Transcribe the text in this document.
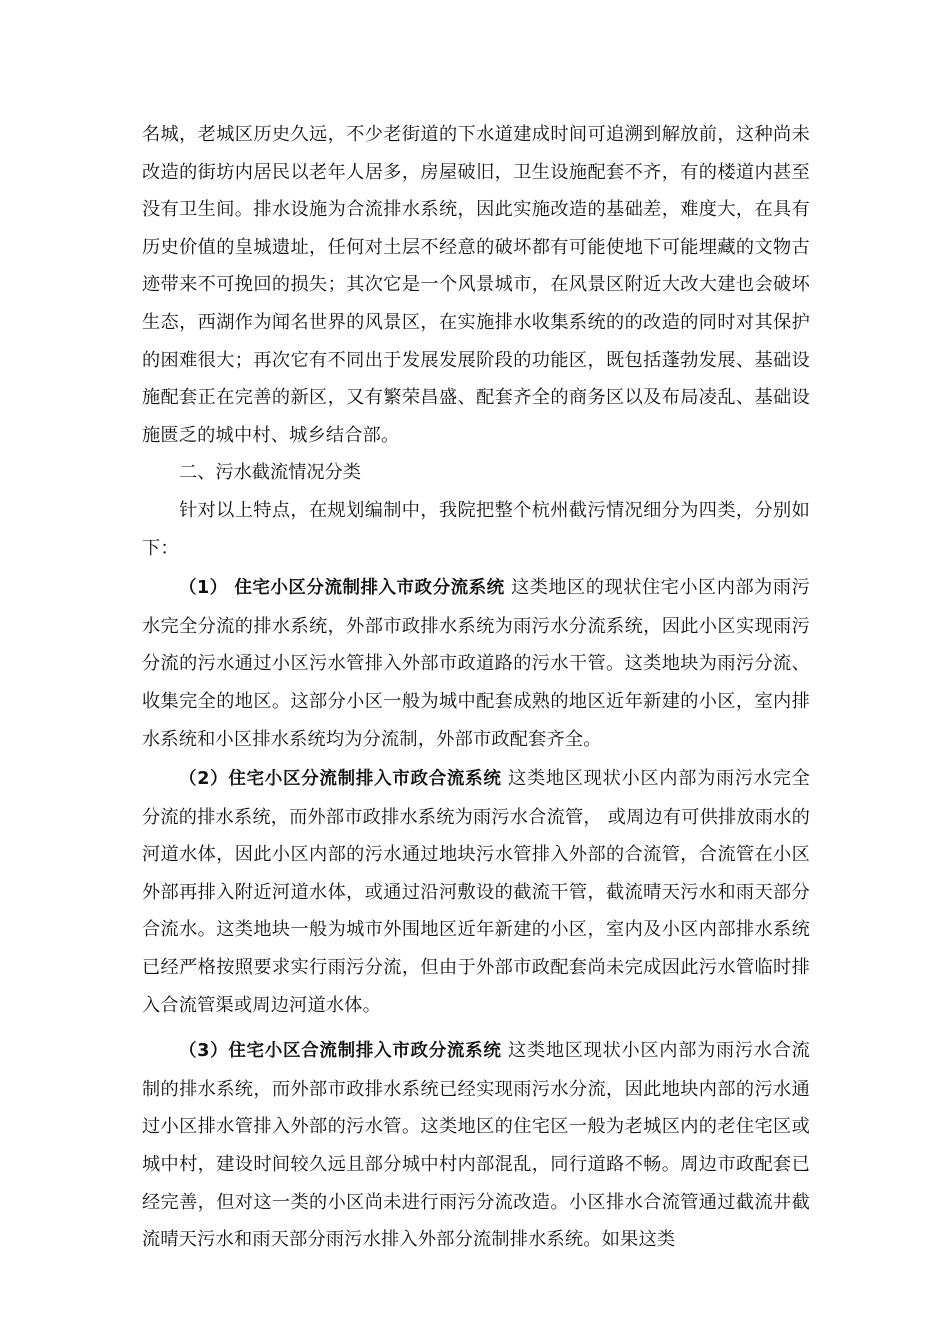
名城，老城区历史久远，不少老街道的下水道建成时间可追溯到解放前，这种尚未改造的街坊内居民以老年人居多，房屋破旧，卫生设施配套不齐，有的楼道内甚至没有卫生间。排水设施为合流排水系统，因此实施改造的基础差，难度大，在具有历史价值的皇城遗址，任何对土层不经意的破坏都有可能使地下可能埋藏的文物古迹带来不可挽回的损失；其次它是一个风景城市，在风景区附近大改大建也会破坏生态，西湖作为闻名世界的风景区，在实施排水收集系统的的改造的同时对其保护的困难很大；再次它有不同出于发展发展阶段的功能区，既包括蓬勃发展、基础设施配套正在完善的新区，又有繁荣昌盛、配套齐全的商务区以及布局凌乱、基础设施匮乏的城中村、城乡结合部。

二、污水截流情况分类

针对以上特点，在规划编制中，我院把整个杭州截污情况细分为四类，分别如下：

（1） 住宅小区分流制排入市政分流系统 这类地区的现状住宅小区内部为雨污水完全分流的排水系统，外部市政排水系统为雨污水分流系统，因此小区实现雨污分流的污水通过小区污水管排入外部市政道路的污水干管。这类地块为雨污分流、收集完全的地区。这部分小区一般为城中配套成熟的地区近年新建的小区，室内排水系统和小区排水系统均为分流制，外部市政配套齐全。

（2）住宅小区分流制排入市政合流系统 这类地区现状小区内部为雨污水完全分流的排水系统，而外部市政排水系统为雨污水合流管， 或周边有可供排放雨水的河道水体，因此小区内部的污水通过地块污水管排入外部的合流管，合流管在小区外部再排入附近河道水体，或通过沿河敷设的截流干管，截流晴天污水和雨天部分合流水。这类地块一般为城市外围地区近年新建的小区，室内及小区内部排水系统已经严格按照要求实行雨污分流，但由于外部市政配套尚未完成因此污水管临时排入合流管渠或周边河道水体。

（3）住宅小区合流制排入市政分流系统 这类地区现状小区内部为雨污水合流制的排水系统，而外部市政排水系统已经实现雨污水分流，因此地块内部的污水通过小区排水管排入外部的污水管。这类地区的住宅区一般为老城区内的老住宅区或城中村，建设时间较久远且部分城中村内部混乱，同行道路不畅。周边市政配套已经完善，但对这一类的小区尚未进行雨污分流改造。小区排水合流管通过截流井截流晴天污水和雨天部分雨污水排入外部分流制排水系统。如果这类
